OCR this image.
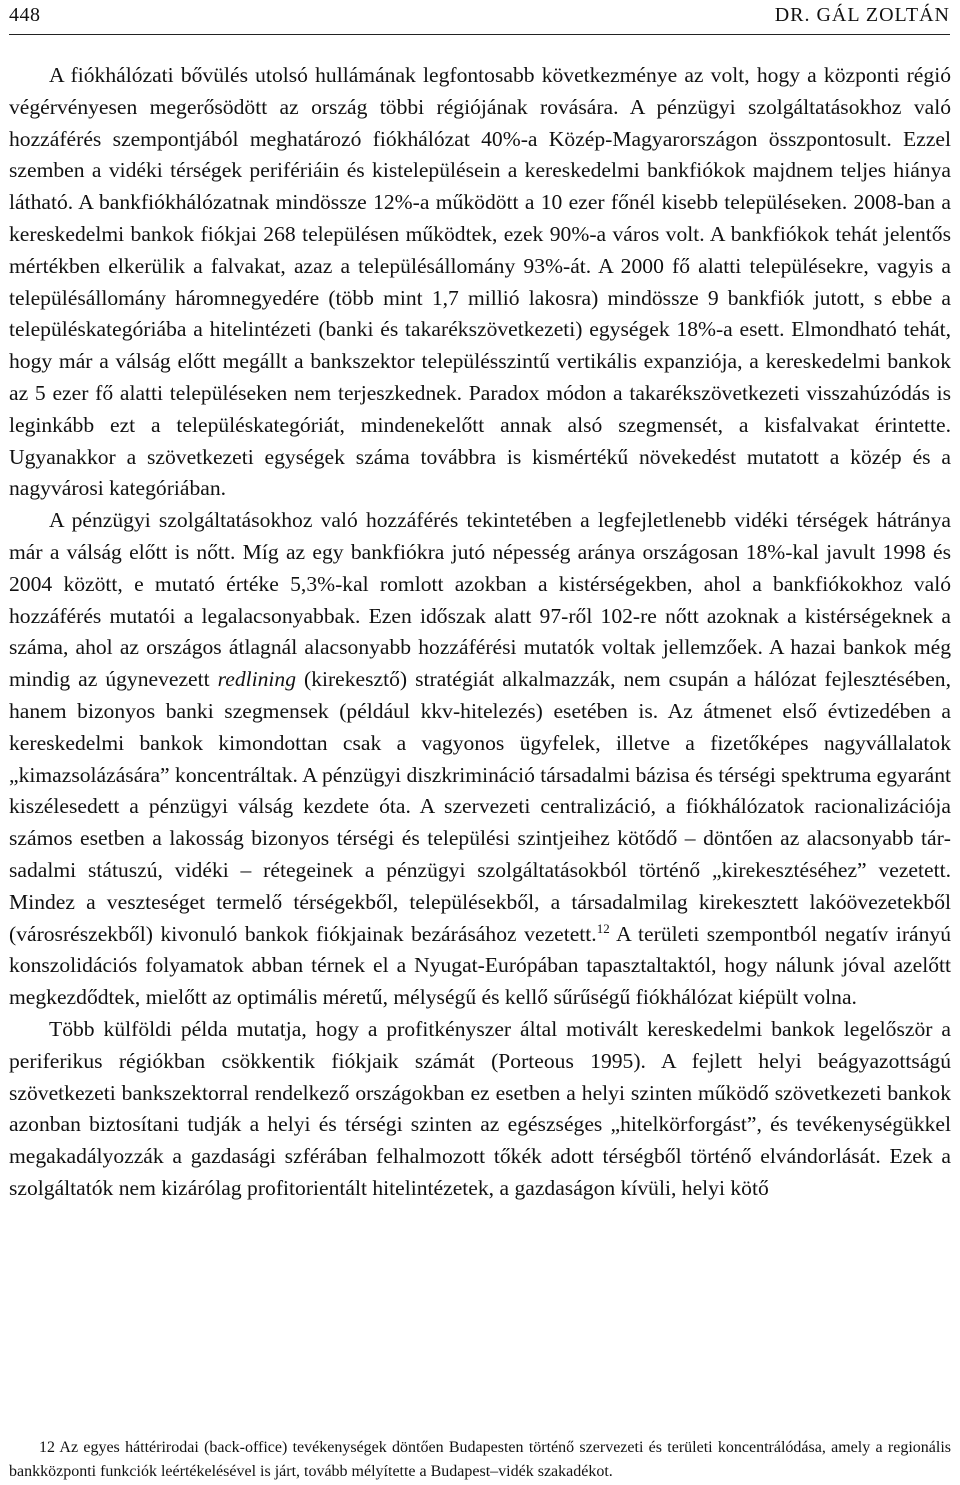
448	DR. GÁL ZOLTÁN

A fiókhálózati bővülés utolsó hullámának legfontosabb következménye az volt, hogy a központi régió végérvényesen megerősödött az ország többi régiójának rovására. A pénzügyi szolgáltatásokhoz való hozzáférés szempontjából meghatározó fiókhálózat 40%-a Közép-Magyarországon összpontosult. Ezzel szemben a vidéki térségek perifériáin és kistelepülésein a kereskedelmi bankfiókok majdnem teljes hiánya látható. A bankfiókhálózatnak mindössze 12%-a működött a 10 ezer főnél kisebb településeken. 2008-ban a kereskedelmi bankok fiókjai 268 településen működtek, ezek 90%-a város volt. A bankfiókok tehát jelentős mértékben elkerülik a falvakat, azaz a településállomány 93%-át. A 2000 fő alatti településekre, vagyis a településállomány háromnegyedére (több mint 1,7 millió lakosra) mindössze 9 bankfiók jutott, s ebbe a településkategóriába a hitelintézeti (banki és takarékszövetkezeti) egységek 18%-a esett. Elmondható tehát, hogy már a válság előtt megállt a bankszektor településszintű vertikális expanziója, a kereskedelmi bankok az 5 ezer fő alatti településeken nem terjeszkednek. Paradox módon a takarékszövetkezeti visszahúzódás is leginkább ezt a településkategóriát, mindenekelőtt annak alsó szegmensét, a kisfalvakat érintette. Ugyanakkor a szövetkezeti egységek száma továbbra is kismértékű növekedést mutatott a közép és a nagyvárosi kategóriában.

A pénzügyi szolgáltatásokhoz való hozzáférés tekintetében a legfejletlenebb vidéki térségek hátránya már a válság előtt is nőtt. Míg az egy bankfiókra jutó népesség aránya országosan 18%-kal javult 1998 és 2004 között, e mutató értéke 5,3%-kal romlott azokban a kistérségekben, ahol a bankfiókokhoz való hozzáférés mutatói a legalacsonyabbak. Ezen időszak alatt 97-ről 102-re nőtt azoknak a kistérségeknek a száma, ahol az országos átlagnál alacsonyabb hozzáférési mutatók voltak jellemzőek. A hazai bankok még mindig az úgynevezett redlining (kirekesztő) stratégiát alkalmazzák, nem csupán a hálózat fejlesztésében, hanem bizonyos banki szegmensek (például kkv-hitelezés) esetében is. Az átmenet első évtizedében a kereskedelmi bankok kimondottan csak a vagyonos ügyfelek, illetve a fizetőképes nagyvállalatok „kimazsolázására” koncentráltak. A pénzügyi diszkrimináció társadalmi bázisa és térségi spektruma egyaránt kiszélesedett a pénzügyi válság kezdete óta. A szervezeti centralizáció, a fiókhálózatok racionalizációja számos esetben a lakosság bizonyos térségi és települési szintjeihez kötődő – döntően az alacsonyabb társadalmi státuszú, vidéki – rétegeinek a pénzügyi szolgáltatásokból történő „kirekesztéséhez” vezetett. Mindez a veszteséget termelő térségekből, településekből, a társadalmilag kirekesztett lakóövezetekből (városrészekből) kivonuló bankok fiókjainak bezárásához vezetett.$^{12}$ A területi szempontból negatív irányú konszolidációs folyamatok abban térnek el a Nyugat-Európában tapasztaltaktól, hogy nálunk jóval azelőtt megkezdődtek, mielőtt az optimális méretű, mélységű és kellő sűrűségű fiókhálózat kiépült volna.

Több külföldi példa mutatja, hogy a profitkényszer által motivált kereskedelmi bankok legelőször a periferikus régiókban csökkentik fiókjaik számát (Porteous 1995). A fejlett helyi beágyazottságú szövetkezeti bankszektorral rendelkező országokban ez esetben a helyi szinten működő szövetkezeti bankok azonban biztosítani tudják a helyi és térségi szinten az egészséges „hitelkörforgást”, és tevékenységükkel megakadályozzák a gazdasági szférában felhalmozott tőkék adott térségből történő elvándorlását. Ezek a szolgáltatók nem kizárólag profitorientált hitelintézetek, a gazdaságon kívüli, helyi kötő

12 Az egyes háttérirodai (back-office) tevékenységek döntően Budapesten történő szervezeti és területi koncentrálódása, amely a regionális bankközponti funkciók leértékelésével is járt, tovább mélyítette a Budapest–vidék szakadékot.
